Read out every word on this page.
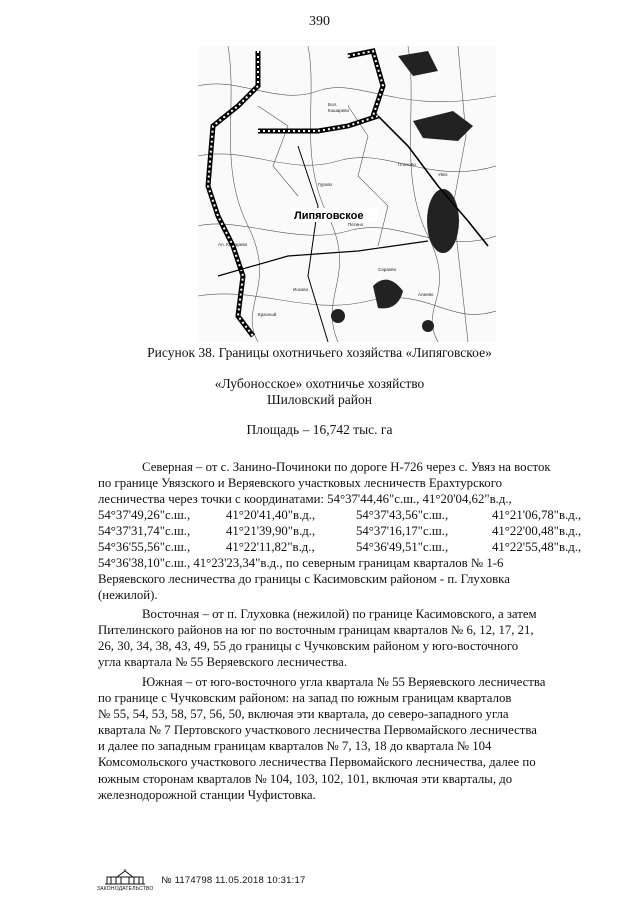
390
Липяговское
Гурово
Ал. Кошарево
Плохово
Иоково
Увяз
Красный
Сараево
Петино
Алеево
Бол.
Кошарево
Рисунок 38. Границы охотничьего хозяйства «Липяговское»
«Лубоносское» охотничье хозяйство
Шиловский район
Площадь – 16,742 тыс. га
Северная – от с. Занино-Починоки по дороге Н-726 через с. Увяз на восток
по границе Увязского и Веряевского участковых лесничеств Ерахтурского
лесничества через точки с координатами: 54°37'44,46"с.ш., 41°20'04,62"в.д.,
54°37'49,26"с.ш.,	41°20'41,40"в.д.,	54°37'43,56"с.ш.,	41°21'06,78"в.д.,
54°37'31,74"с.ш.,	41°21'39,90"в.д.,	54°37'16,17"с.ш.,	41°22'00,48"в.д.,
54°36'55,56"с.ш.,	41°22'11,82"в.д.,	54°36'49,51"с.ш.,	41°22'55,48"в.д.,
54°36'38,10"с.ш., 41°23'23,34"в.д., по северным границам кварталов № 1-6
Веряевского лесничества до границы с Касимовским районом - п. Глуховка
(нежилой).
Восточная – от п. Глуховка (нежилой) по границе Касимовского, а затем
Пителинского районов на юг по восточным границам кварталов № 6, 12, 17, 21,
26, 30, 34, 38, 43, 49, 55 до границы с Чучковским районом у юго-восточного
угла квартала № 55 Веряевского лесничества.
Южная – от юго-восточного угла квартала № 55 Веряевского лесничества
по границе с Чучковским районом: на запад по южным границам кварталов
№ 55, 54, 53, 58, 57, 56, 50, включая эти квартала, до северо-западного угла
квартала № 7 Пертовского участкового лесничества Первомайского лесничества
и далее по западным границам кварталов № 7, 13, 18 до квартала № 104
Комсомольского участкового лесничества Первомайского лесничества, далее по
южным сторонам кварталов № 104, 103, 102, 101, включая эти кварталы, до
железнодорожной станции Чуфистовка.
ЗАКОНОДАТЕЛЬСТВО
№ 1174798 11.05.2018 10:31:17
